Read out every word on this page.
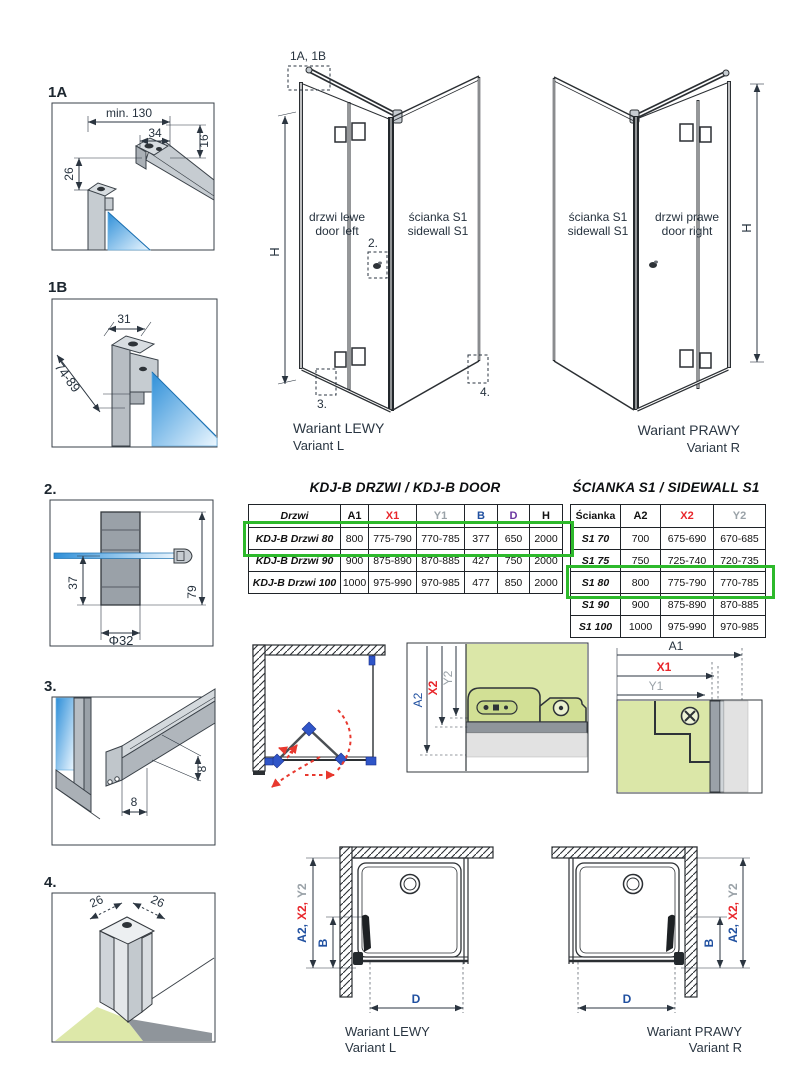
1A
min. 130
34
16
26
1B
31
74-89
2.
37
Φ32
79
3.
8
8
4.
26	26
H
1A, 1B
2.
3.
4.
drzwi lewe
door left
ścianka S1
sidewall S1
Wariant LEWY
Variant L
H
ścianka S1
sidewall S1
drzwi prawe
door right
Wariant PRAWY
Variant R
A2
X2
Y2
A1
X1
Y1
A2,X2,Y2
B
D
Wariant LEWY
Variant L
B
A2,X2,Y2
D
Wariant PRAWY
Variant R
KDJ-B DRZWI / KDJ-B DOOR
Drzwi	A1	X1	Y1	B	D	H
KDJ-B Drzwi 80	800	775-790	770-785	377	650	2000
KDJ-B Drzwi 90	900	875-890	870-885	427	750	2000
KDJ-B Drzwi 100	1000	975-990	970-985	477	850	2000
ŚCIANKA S1 / SIDEWALL S1
Ścianka	A2	X2	Y2
S1 70	700	675-690	670-685
S1 75	750	725-740	720-735
S1 80	800	775-790	770-785
S1 90	900	875-890	870-885
S1 100	1000	975-990	970-985
